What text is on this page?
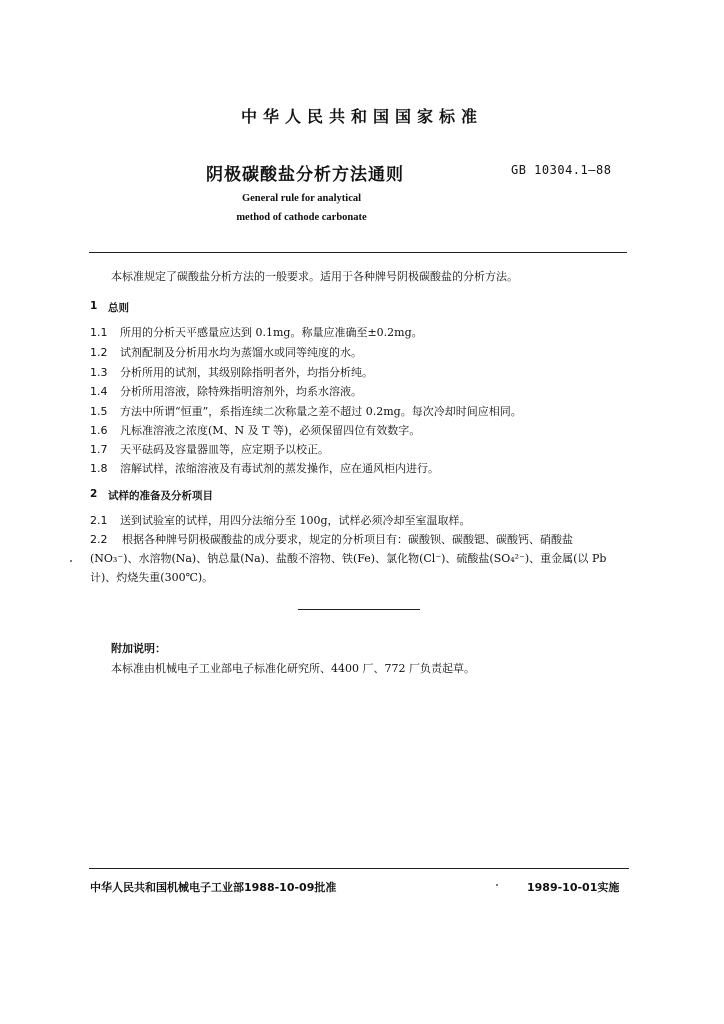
中华人民共和国国家标准
阴极碳酸盐分析方法通则	GB 10304.1—88
General rule for analytical
method of cathode carbonate
本标准规定了碳酸盐分析方法的一般要求。适用于各种牌号阴极碳酸盐的分析方法。
1 总则
1.1 所用的分析天平感量应达到 0.1mg。称量应准确至±0.2mg。
1.2 试剂配制及分析用水均为蒸馏水或同等纯度的水。
1.3 分析所用的试剂，其级别除指明者外，均指分析纯。
1.4 分析所用溶液，除特殊指明溶剂外，均系水溶液。
1.5 方法中所谓“恒重”，系指连续二次称量之差不超过 0.2mg。每次冷却时间应相同。
1.6 凡标准溶液之浓度(M、N 及 T 等)，必须保留四位有效数字。
1.7 天平砝码及容量器皿等，应定期予以校正。
1.8 溶解试样，浓缩溶液及有毒试剂的蒸发操作，应在通风柜内进行。
2 试样的准备及分析项目
2.1 送到试验室的试样，用四分法缩分至 100g，试样必须冷却至室温取样。
2.2 根据各种牌号阴极碳酸盐的成分要求，规定的分析项目有：碳酸钡、碳酸锶、碳酸钙、硝酸盐
(NO₃⁻)、水溶物(Na)、钠总量(Na)、盐酸不溶物、铁(Fe)、氯化物(Cl⁻)、硫酸盐(SO₄²⁻)、重金属(以 Pb
计)、灼烧失重(300℃)。
附加说明：
本标准由机械电子工业部电子标准化研究所、4400 厂、772 厂负责起草。
中华人民共和国机械电子工业部1988-10-09批准	1989-10-01实施
